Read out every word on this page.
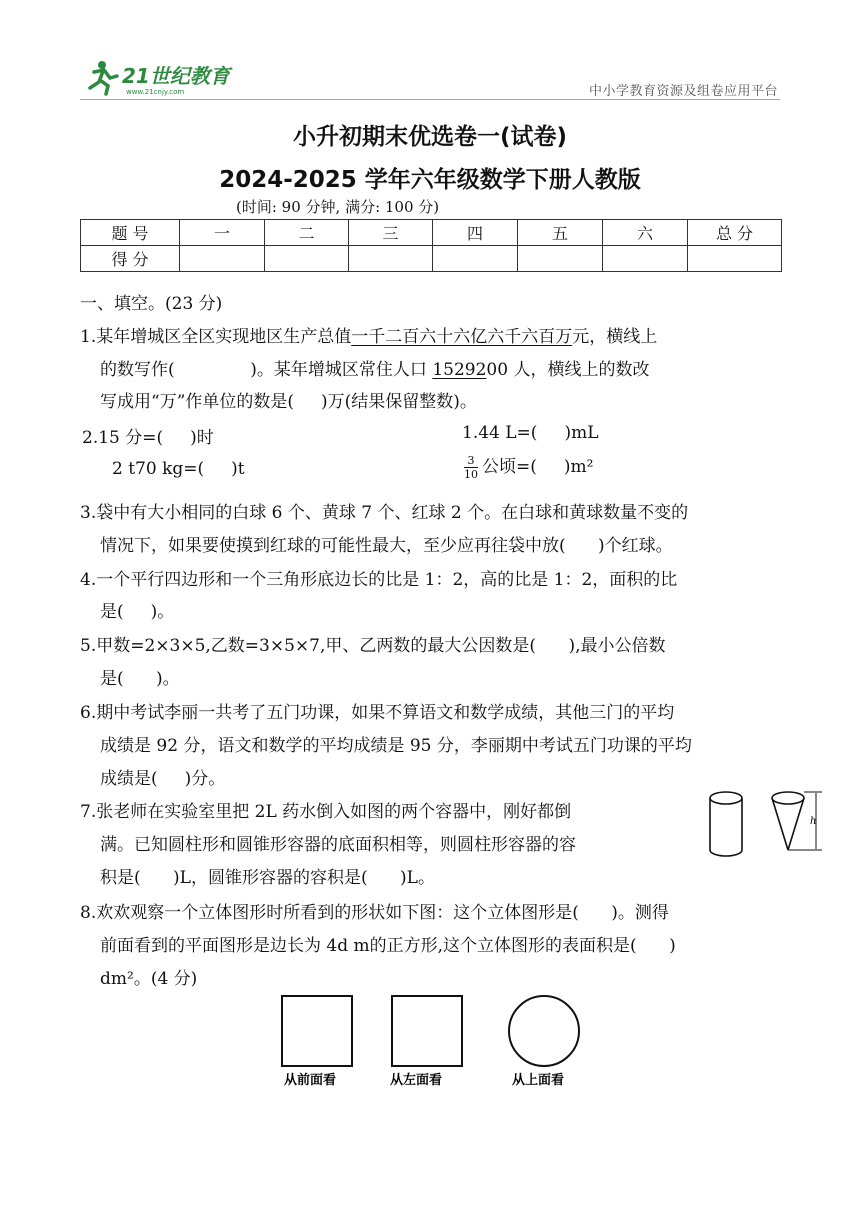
21世纪教育
www.21cnjy.com	中小学教育资源及组卷应用平台
小升初期末优选卷一(试卷)
2024-2025 学年六年级数学下册人教版
(时间: 90 分钟, 满分: 100 分)
题 号	一	二	三	四	五	六	总 分
得 分							
一、填空。(23 分)
1.某年增城区全区实现地区生产总值一千二百六十六亿六千六百万元，横线上
的数写作(              )。某年增城区常住人口 1529200 人，横线上的数改
写成用“万”作单位的数是(     )万(结果保留整数)。
2.15 分=(     )时	1.44 L=(     )mL
2 t70 kg=(     )t	$\frac{3}{10}$ 公顷=(     )m²
3.袋中有大小相同的白球 6 个、黄球 7 个、红球 2 个。在白球和黄球数量不变的
情况下，如果要使摸到红球的可能性最大，至少应再往袋中放(      )个红球。
4.一个平行四边形和一个三角形底边长的比是 1：2，高的比是 1：2，面积的比
是(     )。
5.甲数=2×3×5,乙数=3×5×7,甲、乙两数的最大公因数是(      ),最小公倍数
是(      )。
6.期中考试李丽一共考了五门功课，如果不算语文和数学成绩，其他三门的平均
成绩是 92 分，语文和数学的平均成绩是 95 分，李丽期中考试五门功课的平均
成绩是(     )分。
7.张老师在实验室里把 2L 药水倒入如图的两个容器中，刚好都倒
满。已知圆柱形和圆锥形容器的底面积相等，则圆柱形容器的容
积是(      )L，圆锥形容器的容积是(      )L。
h
8.欢欢观察一个立体图形时所看到的形状如下图：这个立体图形是(      )。测得
前面看到的平面图形是边长为 4d m的正方形,这个立体图形的表面积是(      )
dm²。(4 分)
从前面看	从左面看	从上面看
